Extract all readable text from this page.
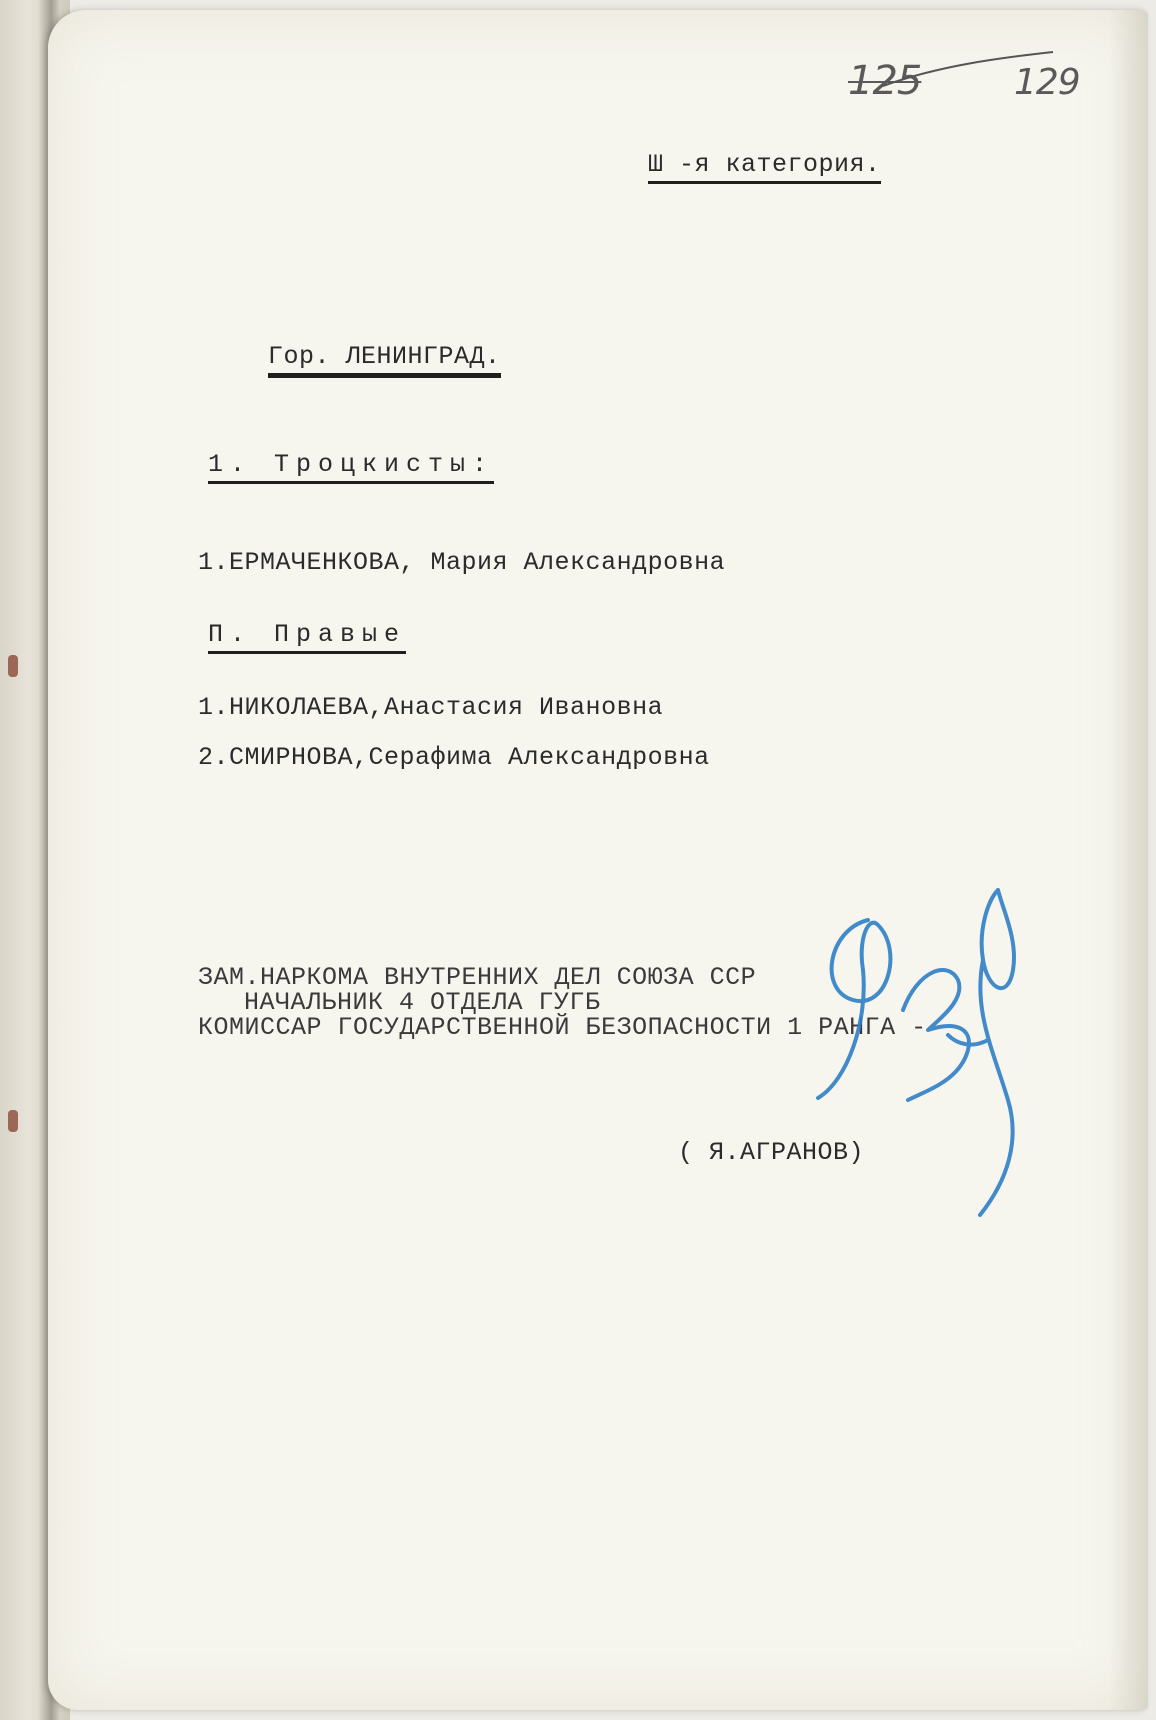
125	129
Ш -я категория.
Гор. ЛЕНИНГРАД.
1. Троцкисты:
1.ЕРМАЧЕНКОВА, Мария Александровна
П. Правые
1.НИКОЛАЕВА,Анастасия Ивановна
2.СМИРНОВА,Серафима Александровна
ЗАМ.НАРКОМА ВНУТРЕННИХ ДЕЛ СОЮЗА ССР
НАЧАЛЬНИК 4 ОТДЕЛА ГУГБ
КОМИССАР ГОСУДАРСТВЕННОЙ БЕЗОПАСНОСТИ 1 РАНГА -
( Я.АГРАНОВ)
